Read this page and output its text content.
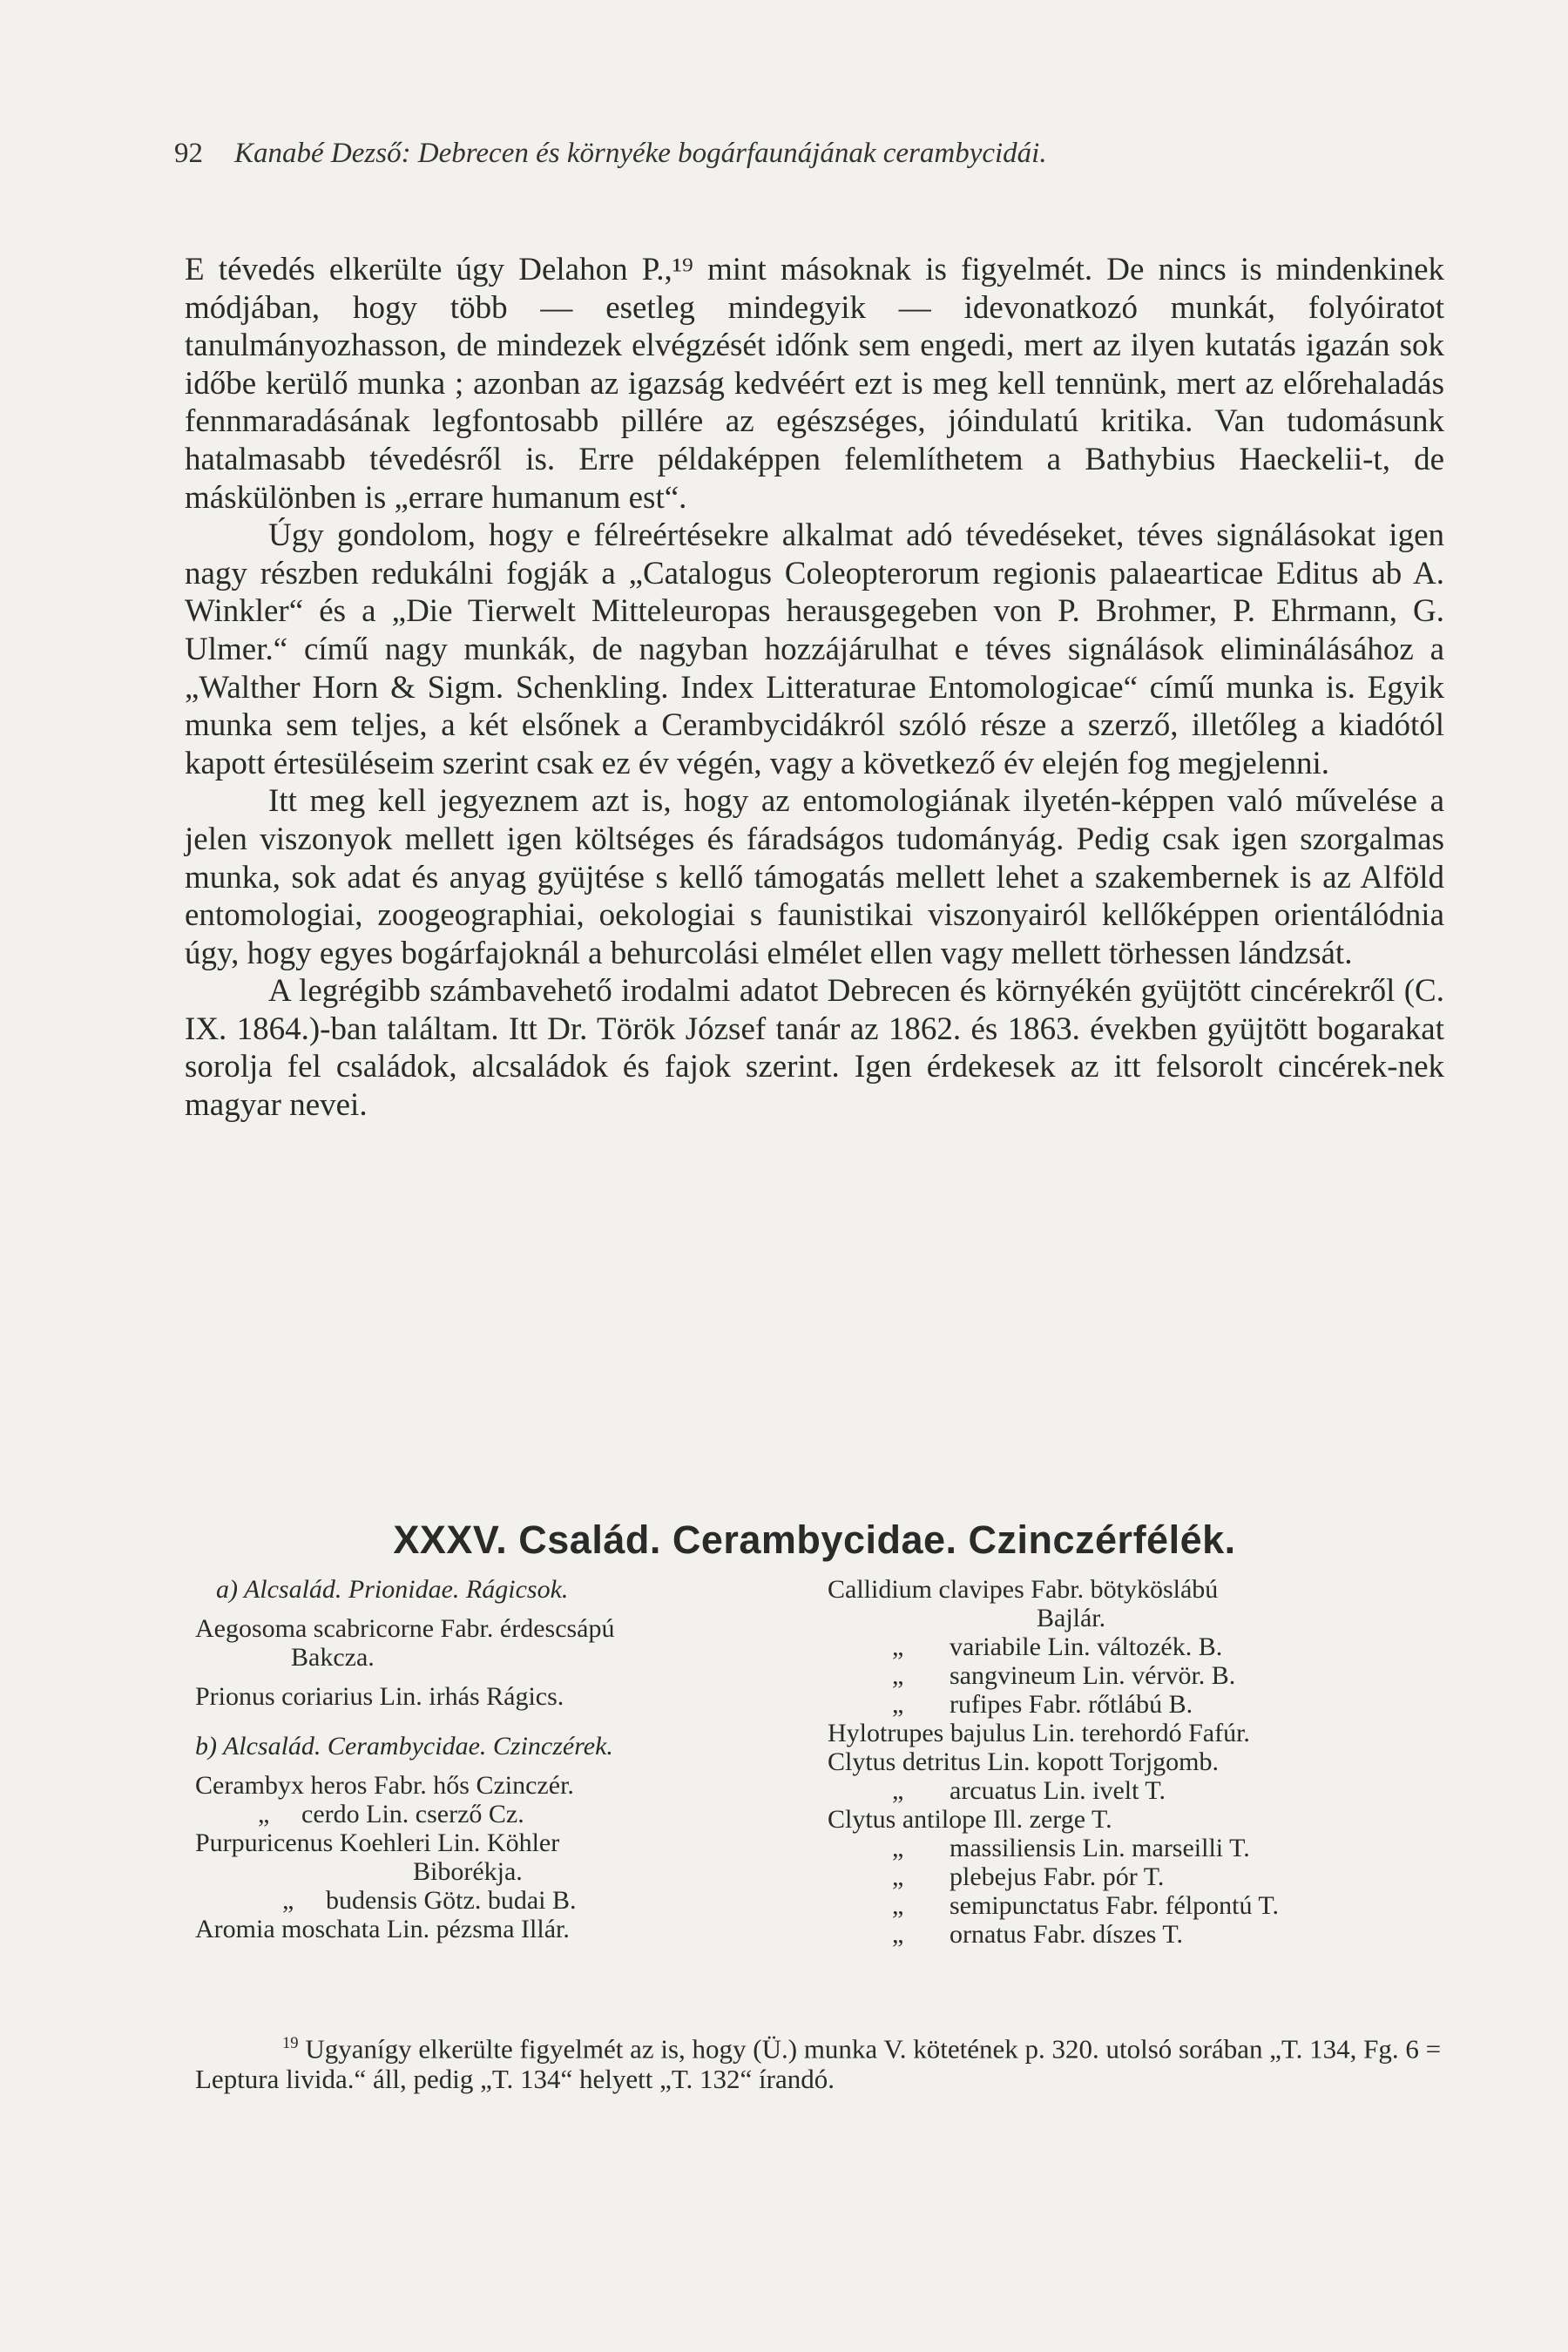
92 Kanabé Dezső: Debrecen és környéke bogárfaunájának cerambycidái.

E tévedés elkerülte úgy Delahon P.,¹⁹ mint másoknak is figyelmét. De nincs is mindenkinek módjában, hogy több — esetleg mindegyik — idevonatkozó munkát, folyóiratot tanulmányozhasson, de mindezek elvégzését időnk sem engedi, mert az ilyen kutatás igazán sok időbe kerülő munka ; azonban az igazság kedvéért ezt is meg kell tennünk, mert az előrehaladás fennmaradásának legfontosabb pillére az egészséges, jóindulatú kritika. Van tudomásunk hatalmasabb tévedésről is. Erre példaképpen felemlíthetem a Bathybius Haeckelii-t, de máskülönben is „errare humanum est“.

Úgy gondolom, hogy e félreértésekre alkalmat adó tévedéseket, téves signálásokat igen nagy részben redukálni fogják a „Catalogus Coleopterorum regionis palaearticae Editus ab A. Winkler“ és a „Die Tierwelt Mitteleuropas herausgegeben von P. Brohmer, P. Ehrmann, G. Ulmer.“ című nagy munkák, de nagyban hozzájárulhat e téves signálások eliminálásához a „Walther Horn & Sigm. Schenkling. Index Litteraturae Entomologicae“ című munka is. Egyik munka sem teljes, a két elsőnek a Cerambycidákról szóló része a szerző, illetőleg a kiadótól kapott értesüléseim szerint csak ez év végén, vagy a következő év elején fog megjelenni.

Itt meg kell jegyeznem azt is, hogy az entomologiának ilyetén-képpen való művelése a jelen viszonyok mellett igen költséges és fáradságos tudományág. Pedig csak igen szorgalmas munka, sok adat és anyag gyüjtése s kellő támogatás mellett lehet a szakembernek is az Alföld entomologiai, zoogeographiai, oekologiai s faunistikai viszonyairól kellőképpen orientálódnia úgy, hogy egyes bogárfajoknál a behurcolási elmélet ellen vagy mellett törhessen lándzsát.

A legrégibb számbavehető irodalmi adatot Debrecen és környékén gyüjtött cincérekről (C. IX. 1864.)-ban találtam. Itt Dr. Török József tanár az 1862. és 1863. években gyüjtött bogarakat sorolja fel családok, alcsaládok és fajok szerint. Igen érdekesek az itt felsorolt cincérek-nek magyar nevei.

XXXV. Család. Cerambycidae. Czinczérfélék.
a) Alcsalád. Prionidae. Rágicsok.
Aegosoma scabricorne Fabr. érdescsápú
Bakcza.
Prionus coriarius Lin. irhás Rágics.
b) Alcsalád. Cerambycidae. Czinczérek.
Cerambyx heros Fabr. hős Czinczér.
„ cerdo Lin. cserző Cz.
Purpuricenus Koehleri Lin. Köhler
Biborékja.
„ budensis Götz. budai B.
Aromia moschata Lin. pézsma Illár.
Callidium clavipes Fabr. bötyköslábú
Bajlár.
„ variabile Lin. változék. B.
„ sangvineum Lin. vérvör. B.
„ rufipes Fabr. rőtlábú B.
Hylotrupes bajulus Lin. terehordó Fafúr.
Clytus detritus Lin. kopott Torjgomb.
„ arcuatus Lin. ivelt T.
Clytus antilope Ill. zerge T.
„ massiliensis Lin. marseilli T.
„ plebejus Fabr. pór T.
„ semipunctatus Fabr. félpontú T.
„ ornatus Fabr. díszes T.
$^{19}$ Ugyanígy elkerülte figyelmét az is, hogy (Ü.) munka V. kötetének p. 320. utolsó sorában „T. 134, Fg. 6 = Leptura livida.“ áll, pedig „T. 134“ helyett „T. 132“ írandó.
